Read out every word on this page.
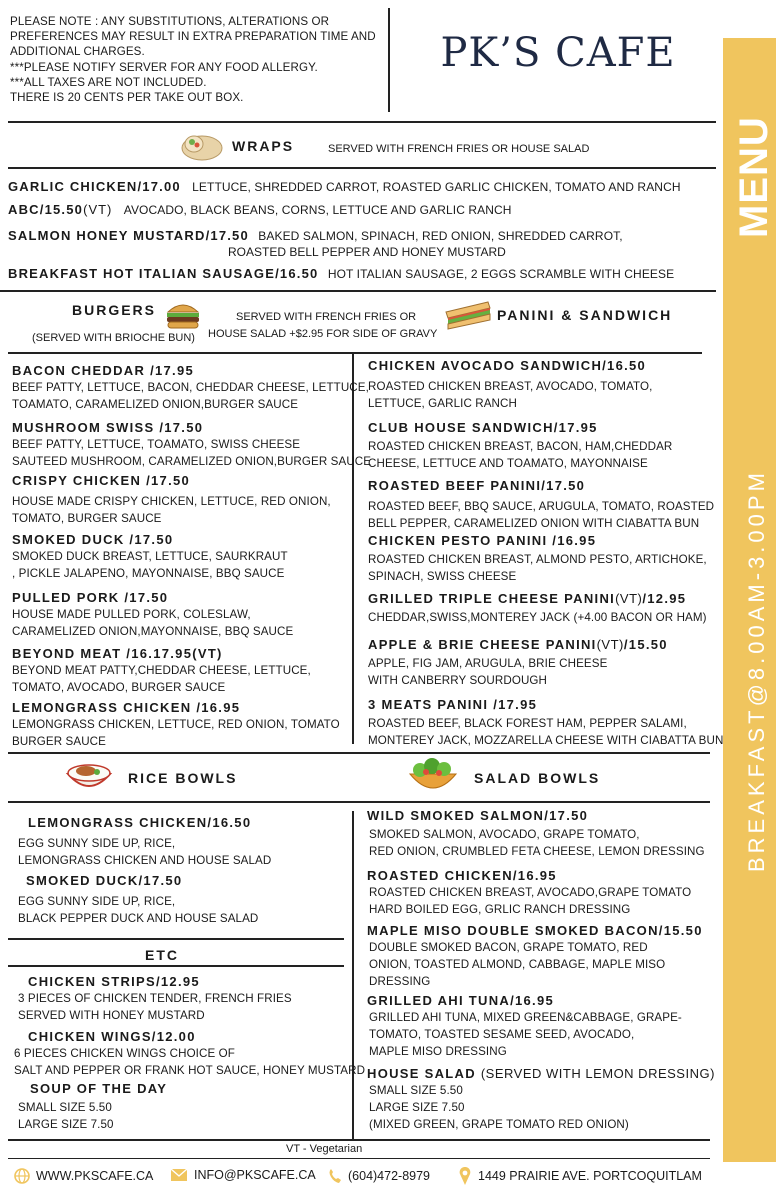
PLEASE NOTE : ANY SUBSTITUTIONS, ALTERATIONS OR
PREFERENCES MAY RESULT IN EXTRA PREPARATION TIME AND
ADDITIONAL CHARGES.
***PLEASE NOTIFY SERVER FOR ANY FOOD ALLERGY.
***ALL TAXES ARE NOT INCLUDED.
THERE IS 20 CENTS PER TAKE OUT BOX.
PK’S CAFE
MENU
BREAKFAST@8.00AM-3.00PM
WRAPS	SERVED WITH FRENCH FRIES OR HOUSE SALAD
GARLIC CHICKEN/17.00 LETTUCE, SHREDDED CARROT, ROASTED GARLIC CHICKEN, TOMATO AND RANCH
ABC/15.50(VT) AVOCADO, BLACK BEANS, CORNS, LETTUCE AND GARLIC RANCH
SALMON HONEY MUSTARD/17.50 BAKED SALMON, SPINACH, RED ONION, SHREDDED CARROT,
ROASTED BELL PEPPER AND HONEY MUSTARD
BREAKFAST HOT ITALIAN SAUSAGE/16.50 HOT ITALIAN SAUSAGE, 2 EGGS SCRAMBLE WITH CHEESE
BURGERS
(SERVED WITH BRIOCHE BUN)
SERVED WITH FRENCH FRIES OR
HOUSE SALAD +$2.95 FOR SIDE OF GRAVY
PANINI & SANDWICH
BACON CHEDDAR /17.95
BEEF PATTY, LETTUCE, BACON, CHEDDAR CHEESE, LETTUCE,
TOAMATO, CARAMELIZED ONION,BURGER SAUCE
MUSHROOM SWISS /17.50
BEEF PATTY, LETTUCE, TOAMATO, SWISS CHEESE
SAUTEED MUSHROOM, CARAMELIZED ONION,BURGER SAUCE
CRISPY CHICKEN /17.50
HOUSE MADE CRISPY CHICKEN, LETTUCE, RED ONION,
TOMATO, BURGER SAUCE
SMOKED DUCK /17.50
SMOKED DUCK BREAST, LETTUCE, SAURKRAUT
, PICKLE JALAPENO, MAYONNAISE, BBQ SAUCE
PULLED PORK /17.50
HOUSE MADE PULLED PORK, COLESLAW,
CARAMELIZED ONION,MAYONNAISE, BBQ SAUCE
BEYOND MEAT /16.17.95(VT)
BEYOND MEAT PATTY,CHEDDAR CHEESE, LETTUCE,
TOMATO, AVOCADO, BURGER SAUCE
LEMONGRASS CHICKEN /16.95
LEMONGRASS CHICKEN, LETTUCE, RED ONION, TOMATO
BURGER SAUCE
CHICKEN AVOCADO SANDWICH/16.50
ROASTED CHICKEN BREAST, AVOCADO, TOMATO,
LETTUCE, GARLIC RANCH
CLUB HOUSE SANDWICH/17.95
ROASTED CHICKEN BREAST, BACON, HAM,CHEDDAR
CHEESE, LETTUCE AND TOAMATO, MAYONNAISE
ROASTED BEEF PANINI/17.50
ROASTED BEEF, BBQ SAUCE, ARUGULA, TOMATO, ROASTED
BELL PEPPER, CARAMELIZED ONION WITH CIABATTA BUN
CHICKEN PESTO PANINI /16.95
ROASTED CHICKEN BREAST, ALMOND PESTO, ARTICHOKE,
SPINACH, SWISS CHEESE
GRILLED TRIPLE CHEESE PANINI(VT)/12.95
CHEDDAR,SWISS,MONTEREY JACK (+4.00 BACON OR HAM)
APPLE & BRIE CHEESE PANINI(VT)/15.50
APPLE, FIG JAM, ARUGULA, BRIE CHEESE
WITH CANBERRY SOURDOUGH
3 MEATS PANINI /17.95
ROASTED BEEF, BLACK FOREST HAM, PEPPER SALAMI,
MONTEREY JACK, MOZZARELLA CHEESE WITH CIABATTA BUN
RICE BOWLS	SALAD BOWLS
LEMONGRASS CHICKEN/16.50
EGG SUNNY SIDE UP, RICE,
LEMONGRASS CHICKEN AND HOUSE SALAD
SMOKED DUCK/17.50
EGG SUNNY SIDE UP, RICE,
BLACK PEPPER DUCK AND HOUSE SALAD
ETC
CHICKEN STRIPS/12.95
3 PIECES OF CHICKEN TENDER, FRENCH FRIES
SERVED WITH HONEY MUSTARD
CHICKEN WINGS/12.00
6 PIECES CHICKEN WINGS CHOICE OF
SALT AND PEPPER OR FRANK HOT SAUCE, HONEY MUSTARD
SOUP OF THE DAY
SMALL SIZE 5.50
LARGE SIZE 7.50
WILD SMOKED SALMON/17.50
SMOKED SALMON, AVOCADO, GRAPE TOMATO,
RED ONION, CRUMBLED FETA CHEESE, LEMON DRESSING
ROASTED CHICKEN/16.95
ROASTED CHICKEN BREAST, AVOCADO,GRAPE TOMATO
HARD BOILED EGG, GRLIC RANCH DRESSING
MAPLE MISO DOUBLE SMOKED BACON/15.50
DOUBLE SMOKED BACON, GRAPE TOMATO, RED
ONION, TOASTED ALMOND, CABBAGE, MAPLE MISO
DRESSING
GRILLED AHI TUNA/16.95
GRILLED AHI TUNA, MIXED GREEN&CABBAGE, GRAPE-
TOMATO, TOASTED SESAME SEED, AVOCADO,
MAPLE MISO DRESSING
HOUSE SALAD (SERVED WITH LEMON DRESSING)
SMALL SIZE 5.50
LARGE SIZE 7.50
(MIXED GREEN, GRAPE TOMATO RED ONION)
VT - Vegetarian
WWW.PKSCAFE.CA	INFO@PKSCAFE.CA	(604)472-8979	1449 PRAIRIE AVE. PORTCOQUITLAM
